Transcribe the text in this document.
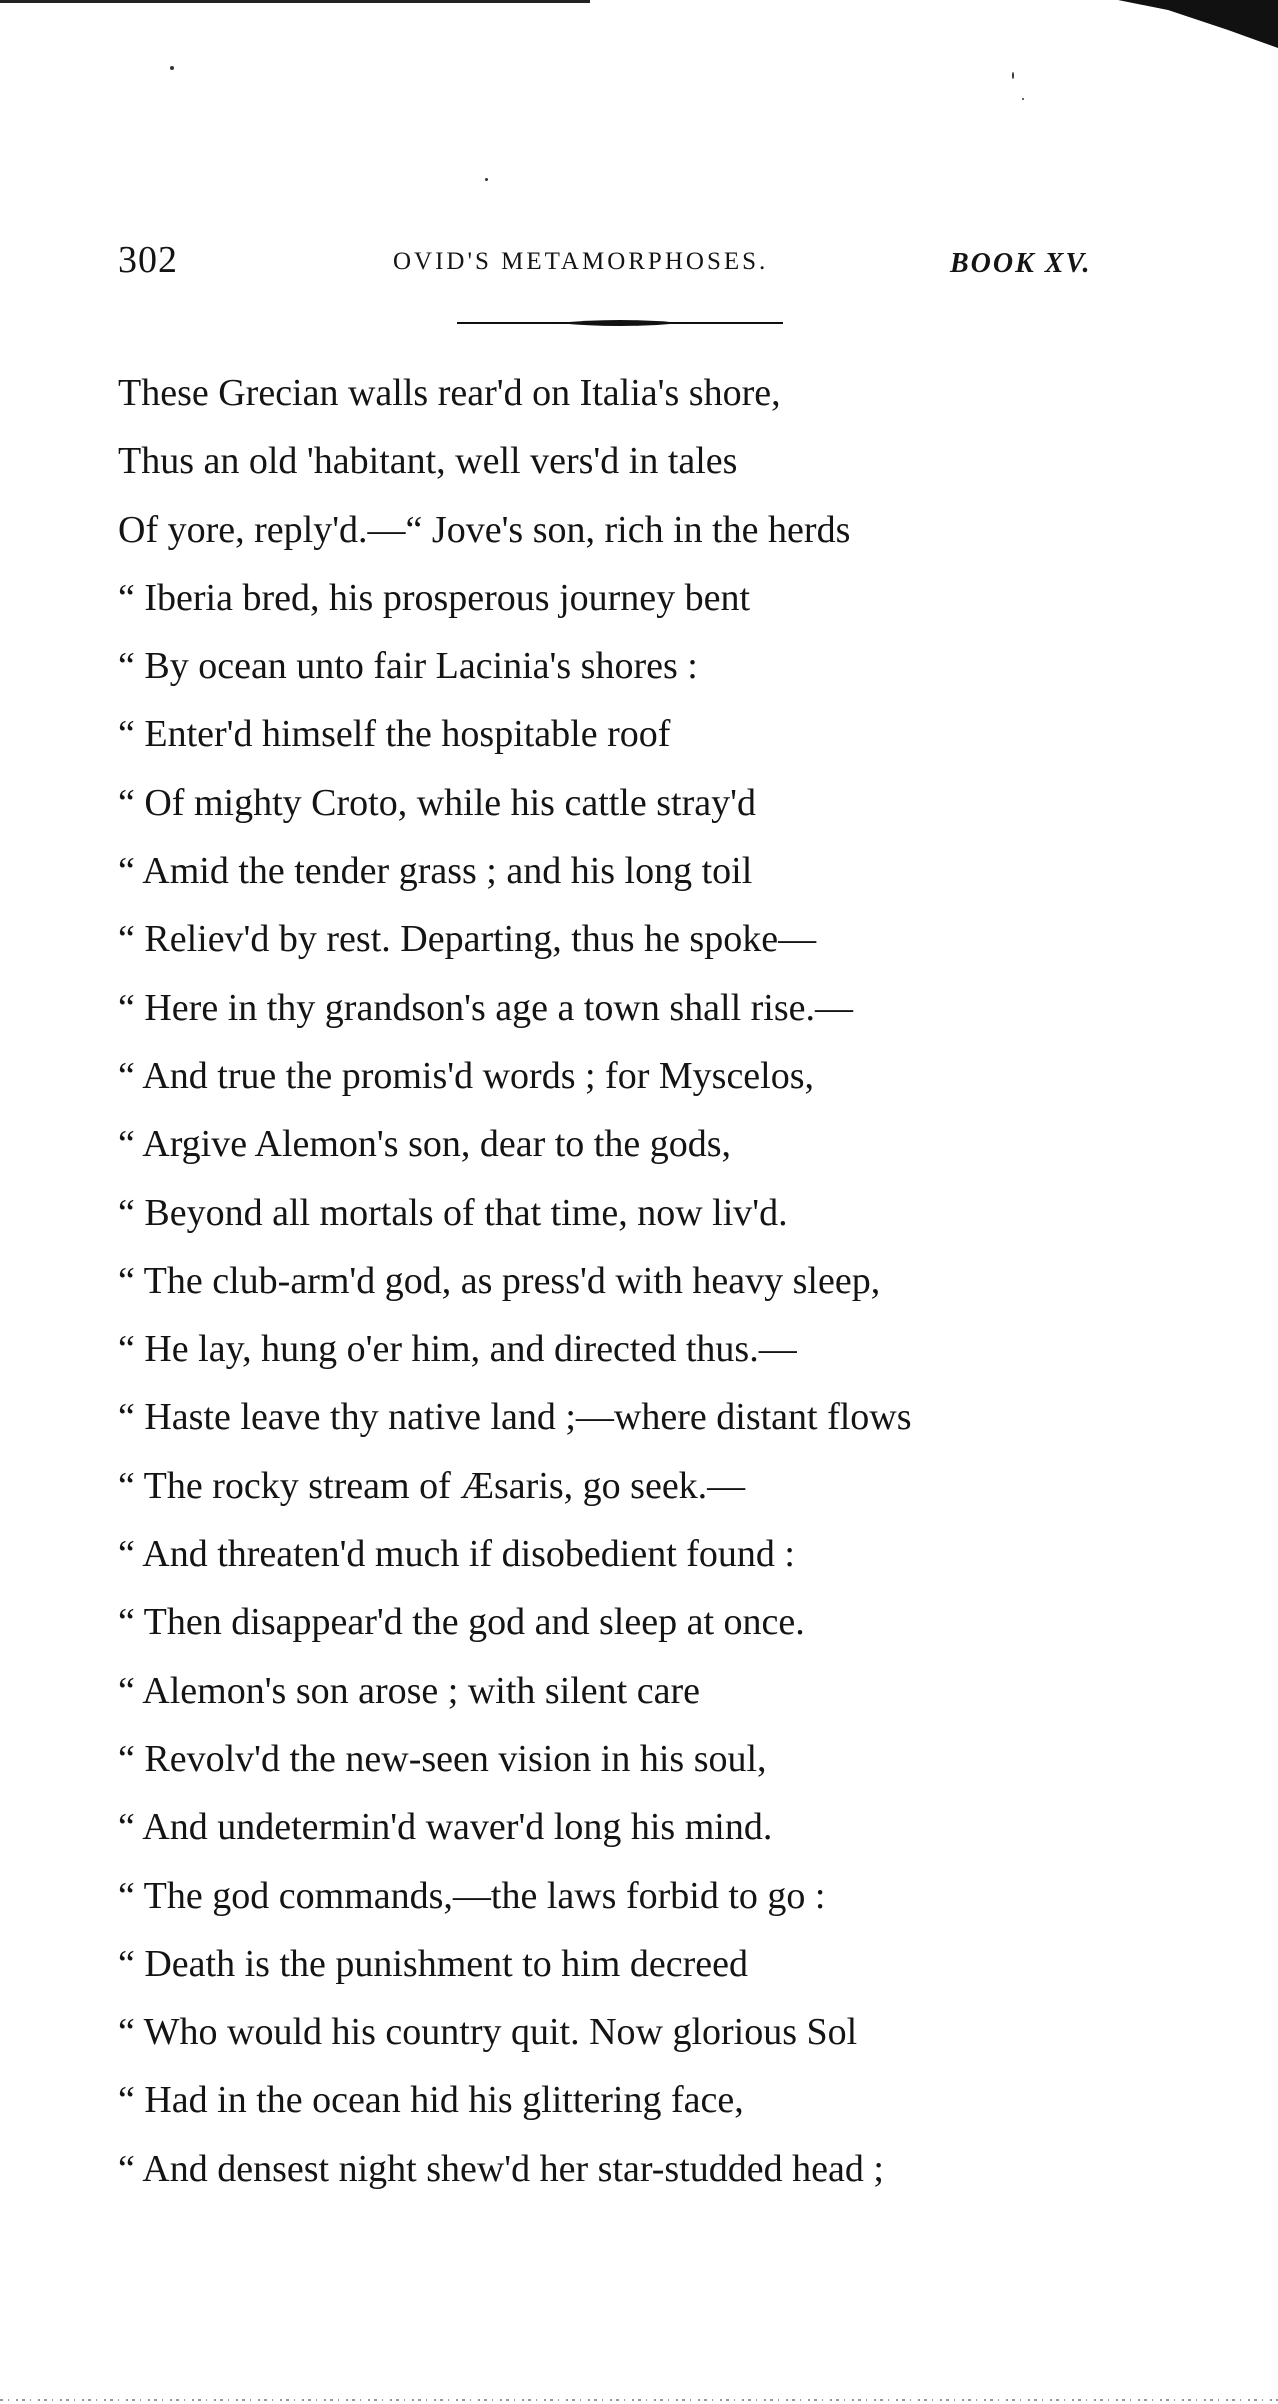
302	OVID'S METAMORPHOSES.	BOOK XV.
These Grecian walls rear'd on Italia's shore,
Thus an old 'habitant, well vers'd in tales
Of yore, reply'd.—“ Jove's son, rich in the herds
“ Iberia bred, his prosperous journey bent
“ By ocean unto fair Lacinia's shores :
“ Enter'd himself the hospitable roof
“ Of mighty Croto, while his cattle stray'd
“ Amid the tender grass ; and his long toil
“ Reliev'd by rest. Departing, thus he spoke—
“ Here in thy grandson's age a town shall rise.—
“ And true the promis'd words ; for Myscelos,
“ Argive Alemon's son, dear to the gods,
“ Beyond all mortals of that time, now liv'd.
“ The club-arm'd god, as press'd with heavy sleep,
“ He lay, hung o'er him, and directed thus.—
“ Haste leave thy native land ;—where distant flows
“ The rocky stream of Æsaris, go seek.—
“ And threaten'd much if disobedient found :
“ Then disappear'd the god and sleep at once.
“ Alemon's son arose ; with silent care
“ Revolv'd the new-seen vision in his soul,
“ And undetermin'd waver'd long his mind.
“ The god commands,—the laws forbid to go :
“ Death is the punishment to him decreed
“ Who would his country quit. Now glorious Sol
“ Had in the ocean hid his glittering face,
“ And densest night shew'd her star-studded head ;
